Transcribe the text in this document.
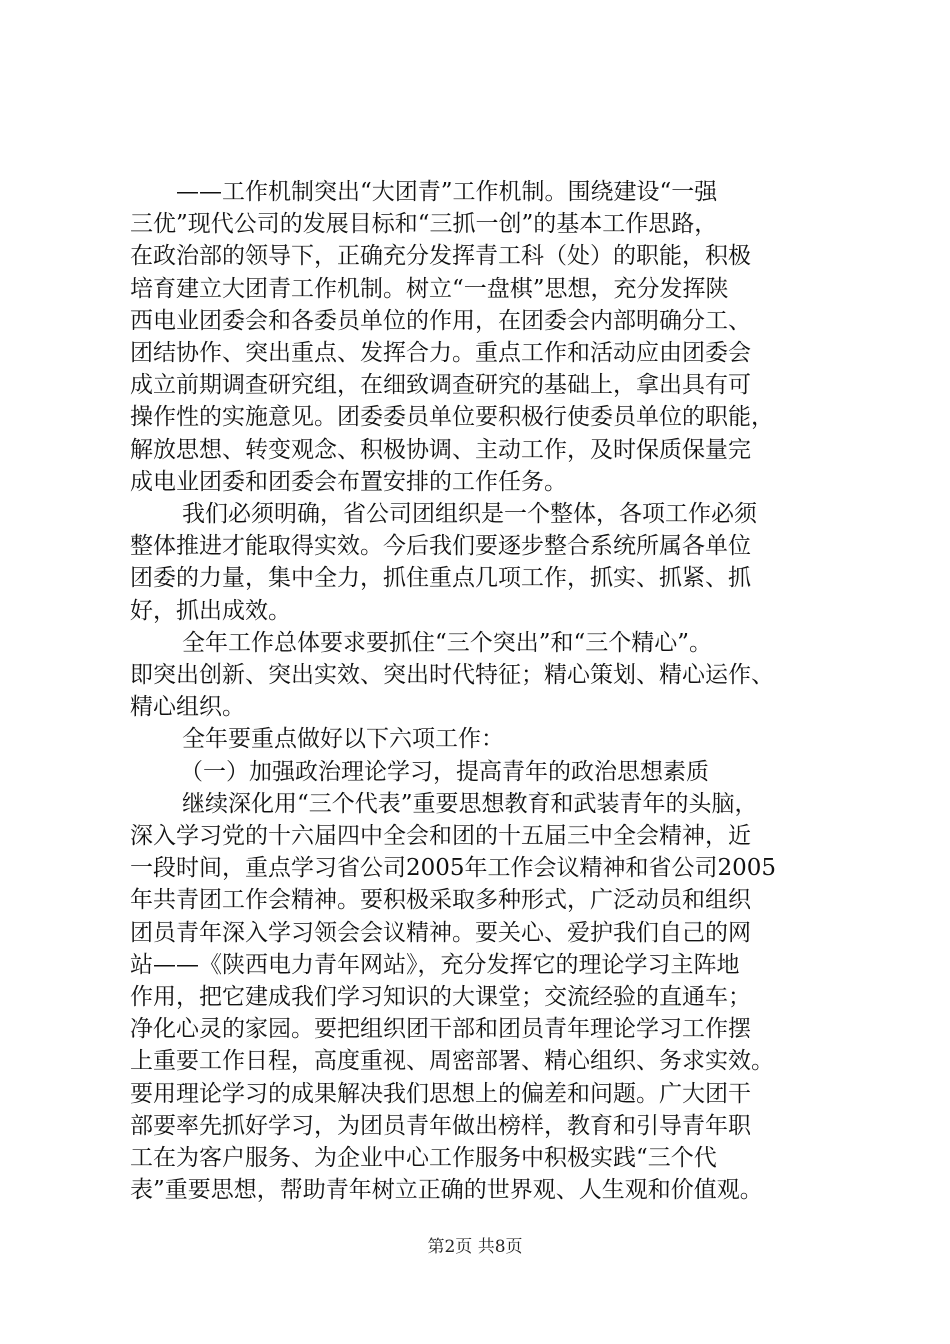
——工作机制突出“大团青”工作机制。围绕建设“一强
三优”现代公司的发展目标和“三抓一创”的基本工作思路，
在政治部的领导下，正确充分发挥青工科（处）的职能，积极
培育建立大团青工作机制。树立“一盘棋”思想，充分发挥陕
西电业团委会和各委员单位的作用，在团委会内部明确分工、
团结协作、突出重点、发挥合力。重点工作和活动应由团委会
成立前期调查研究组，在细致调查研究的基础上，拿出具有可
操作性的实施意见。团委委员单位要积极行使委员单位的职能，
解放思想、转变观念、积极协调、主动工作，及时保质保量完
成电业团委和团委会布置安排的工作任务。
我们必须明确，省公司团组织是一个整体，各项工作必须
整体推进才能取得实效。今后我们要逐步整合系统所属各单位
团委的力量，集中全力，抓住重点几项工作，抓实、抓紧、抓
好，抓出成效。
全年工作总体要求要抓住“三个突出”和“三个精心”。
即突出创新、突出实效、突出时代特征；精心策划、精心运作、
精心组织。
全年要重点做好以下六项工作：
（一）加强政治理论学习，提高青年的政治思想素质
继续深化用“三个代表”重要思想教育和武装青年的头脑，
深入学习党的十六届四中全会和团的十五届三中全会精神，近
一段时间，重点学习省公司2005年工作会议精神和省公司2005
年共青团工作会精神。要积极采取多种形式，广泛动员和组织
团员青年深入学习领会会议精神。要关心、爱护我们自己的网
站——《陕西电力青年网站》，充分发挥它的理论学习主阵地
作用，把它建成我们学习知识的大课堂；交流经验的直通车；
净化心灵的家园。要把组织团干部和团员青年理论学习工作摆
上重要工作日程，高度重视、周密部署、精心组织、务求实效。
要用理论学习的成果解决我们思想上的偏差和问题。广大团干
部要率先抓好学习，为团员青年做出榜样，教育和引导青年职
工在为客户服务、为企业中心工作服务中积极实践“三个代
表”重要思想，帮助青年树立正确的世界观、人生观和价值观。
第2页 共8页
